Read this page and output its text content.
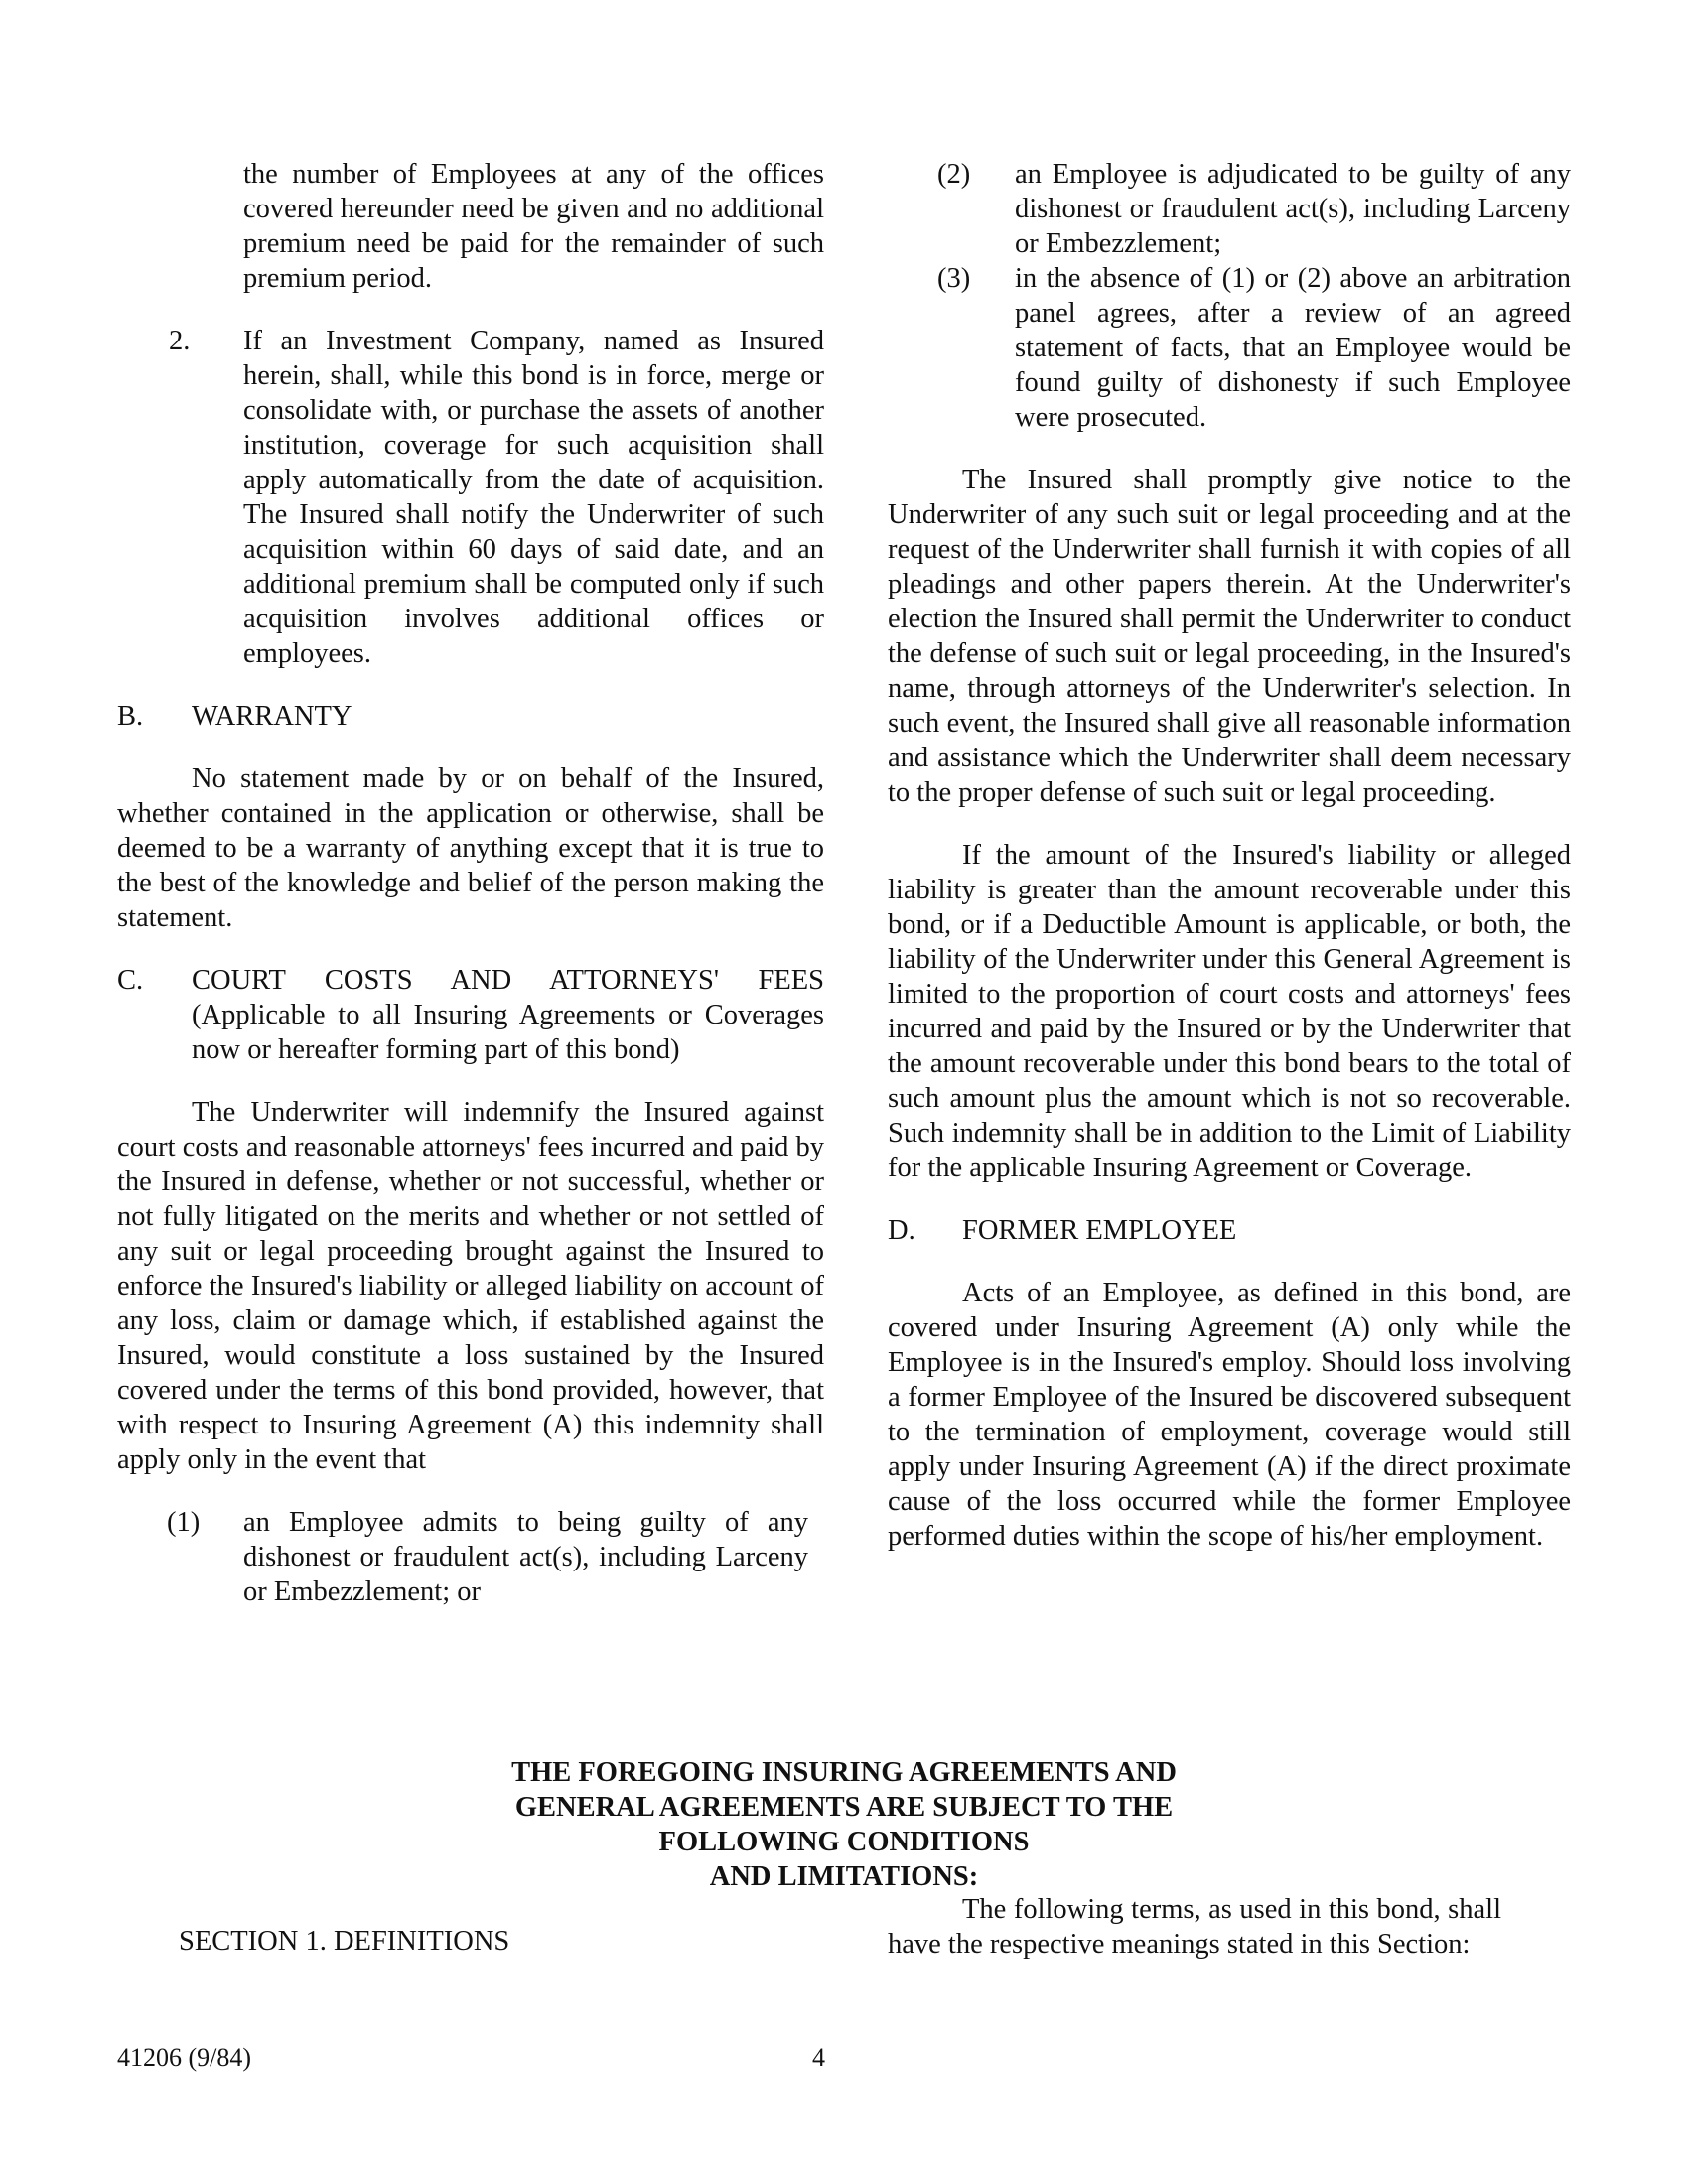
the number of Employees at any of the offices covered hereunder need be given and no additional premium need be paid for the remainder of such premium period.

2. If an Investment Company, named as Insured herein, shall, while this bond is in force, merge or consolidate with, or purchase the assets of another institution, coverage for such acquisition shall apply automatically from the date of acquisition. The Insured shall notify the Underwriter of such acquisition within 60 days of said date, and an additional premium shall be computed only if such acquisition involves additional offices or employees.
B. WARRANTY

No statement made by or on behalf of the Insured, whether contained in the application or otherwise, shall be deemed to be a warranty of anything except that it is true to the best of the knowledge and belief of the person making the statement.

C. COURT COSTS AND ATTORNEYS' FEES (Applicable to all Insuring Agreements or Coverages now or hereafter forming part of this bond)

The Underwriter will indemnify the Insured against court costs and reasonable attorneys' fees incurred and paid by the Insured in defense, whether or not successful, whether or not fully litigated on the merits and whether or not settled of any suit or legal proceeding brought against the Insured to enforce the Insured's liability or alleged liability on account of any loss, claim or damage which, if established against the Insured, would constitute a loss sustained by the Insured covered under the terms of this bond provided, however, that with respect to Insuring Agreement (A) this indemnity shall apply only in the event that

(1) an Employee admits to being guilty of any dishonest or fraudulent act(s), including Larceny or Embezzlement; or
(2) an Employee is adjudicated to be guilty of any dishonest or fraudulent act(s), including Larceny or Embezzlement;
(3) in the absence of (1) or (2) above an arbitration panel agrees, after a review of an agreed statement of facts, that an Employee would be found guilty of dishonesty if such Employee were prosecuted.

The Insured shall promptly give notice to the Underwriter of any such suit or legal proceeding and at the request of the Underwriter shall furnish it with copies of all pleadings and other papers therein. At the Underwriter's election the Insured shall permit the Underwriter to conduct the defense of such suit or legal proceeding, in the Insured's name, through attorneys of the Underwriter's selection. In such event, the Insured shall give all reasonable information and assistance which the Underwriter shall deem necessary to the proper defense of such suit or legal proceeding.

If the amount of the Insured's liability or alleged liability is greater than the amount recoverable under this bond, or if a Deductible Amount is applicable, or both, the liability of the Underwriter under this General Agreement is limited to the proportion of court costs and attorneys' fees incurred and paid by the Insured or by the Underwriter that the amount recoverable under this bond bears to the total of such amount plus the amount which is not so recoverable. Such indemnity shall be in addition to the Limit of Liability for the applicable Insuring Agreement or Coverage.

D. FORMER EMPLOYEE

Acts of an Employee, as defined in this bond, are covered under Insuring Agreement (A) only while the Employee is in the Insured's employ. Should loss involving a former Employee of the Insured be discovered subsequent to the termination of employment, coverage would still apply under Insuring Agreement (A) if the direct proximate cause of the loss occurred while the former Employee performed duties within the scope of his/her employment.

THE FOREGOING INSURING AGREEMENTS AND
GENERAL AGREEMENTS ARE SUBJECT TO THE
FOLLOWING CONDITIONS
AND LIMITATIONS:
SECTION 1. DEFINITIONS

The following terms, as used in this bond, shall have the respective meanings stated in this Section:

41206 (9/84)	4
